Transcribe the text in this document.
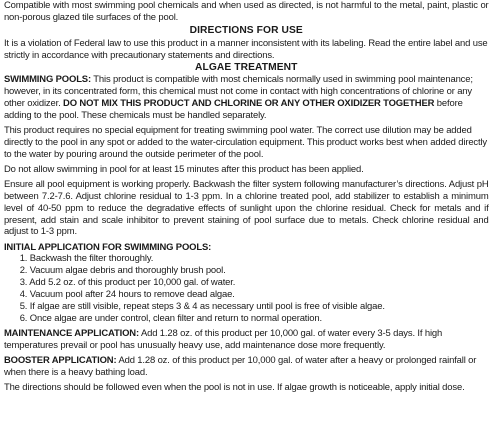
Compatible with most swimming pool chemicals and when used as directed, is not harmful to the metal, paint, plastic or non-porous glazed tile surfaces of the pool.

DIRECTIONS FOR USE

It is a violation of Federal law to use this product in a manner inconsistent with its labeling. Read the entire label and use strictly in accordance with precautionary statements and directions.

ALGAE TREATMENT

SWIMMING POOLS: This product is compatible with most chemicals normally used in swimming pool maintenance; however, in its concentrated form, this chemical must not come in contact with high concentrations of chlorine or any other oxidizer. DO NOT MIX THIS PRODUCT AND CHLORINE OR ANY OTHER OXIDIZER TOGETHER before adding to the pool. These chemicals must be handled separately.

This product requires no special equipment for treating swimming pool water. The correct use dilution may be added directly to the pool in any spot or added to the water-circulation equipment. This product works best when added directly to the water by pouring around the outside perimeter of the pool.

Do not allow swimming in pool for at least 15 minutes after this product has been applied.

Ensure all pool equipment is working properly. Backwash the filter system following manufacturer’s directions. Adjust pH between 7.2-7.6. Adjust chlorine residual to 1-3 ppm. In a chlorine treated pool, add stabilizer to establish a minimum level of 40-50 ppm to reduce the degradative effects of sunlight upon the chlorine residual. Check for metals and if present, add stain and scale inhibitor to prevent staining of pool surface due to metals. Check chlorine residual and adjust to 1-3 ppm.

INITIAL APPLICATION FOR SWIMMING POOLS:

1. Backwash the filter thoroughly.
2. Vacuum algae debris and thoroughly brush pool.
3. Add 5.2 oz. of this product per 10,000 gal. of water.
4. Vacuum pool after 24 hours to remove dead algae.
5. If algae are still visible, repeat steps 3 & 4 as necessary until pool is free of visible algae.
6. Once algae are under control, clean filter and return to normal operation.

MAINTENANCE APPLICATION: Add 1.28 oz. of this product per 10,000 gal. of water every 3-5 days. If high temperatures prevail or pool has unusually heavy use, add maintenance dose more frequently.

BOOSTER APPLICATION: Add 1.28 oz. of this product per 10,000 gal. of water after a heavy or prolonged rainfall or when there is a heavy bathing load.

The directions should be followed even when the pool is not in use. If algae growth is noticeable, apply initial dose.
